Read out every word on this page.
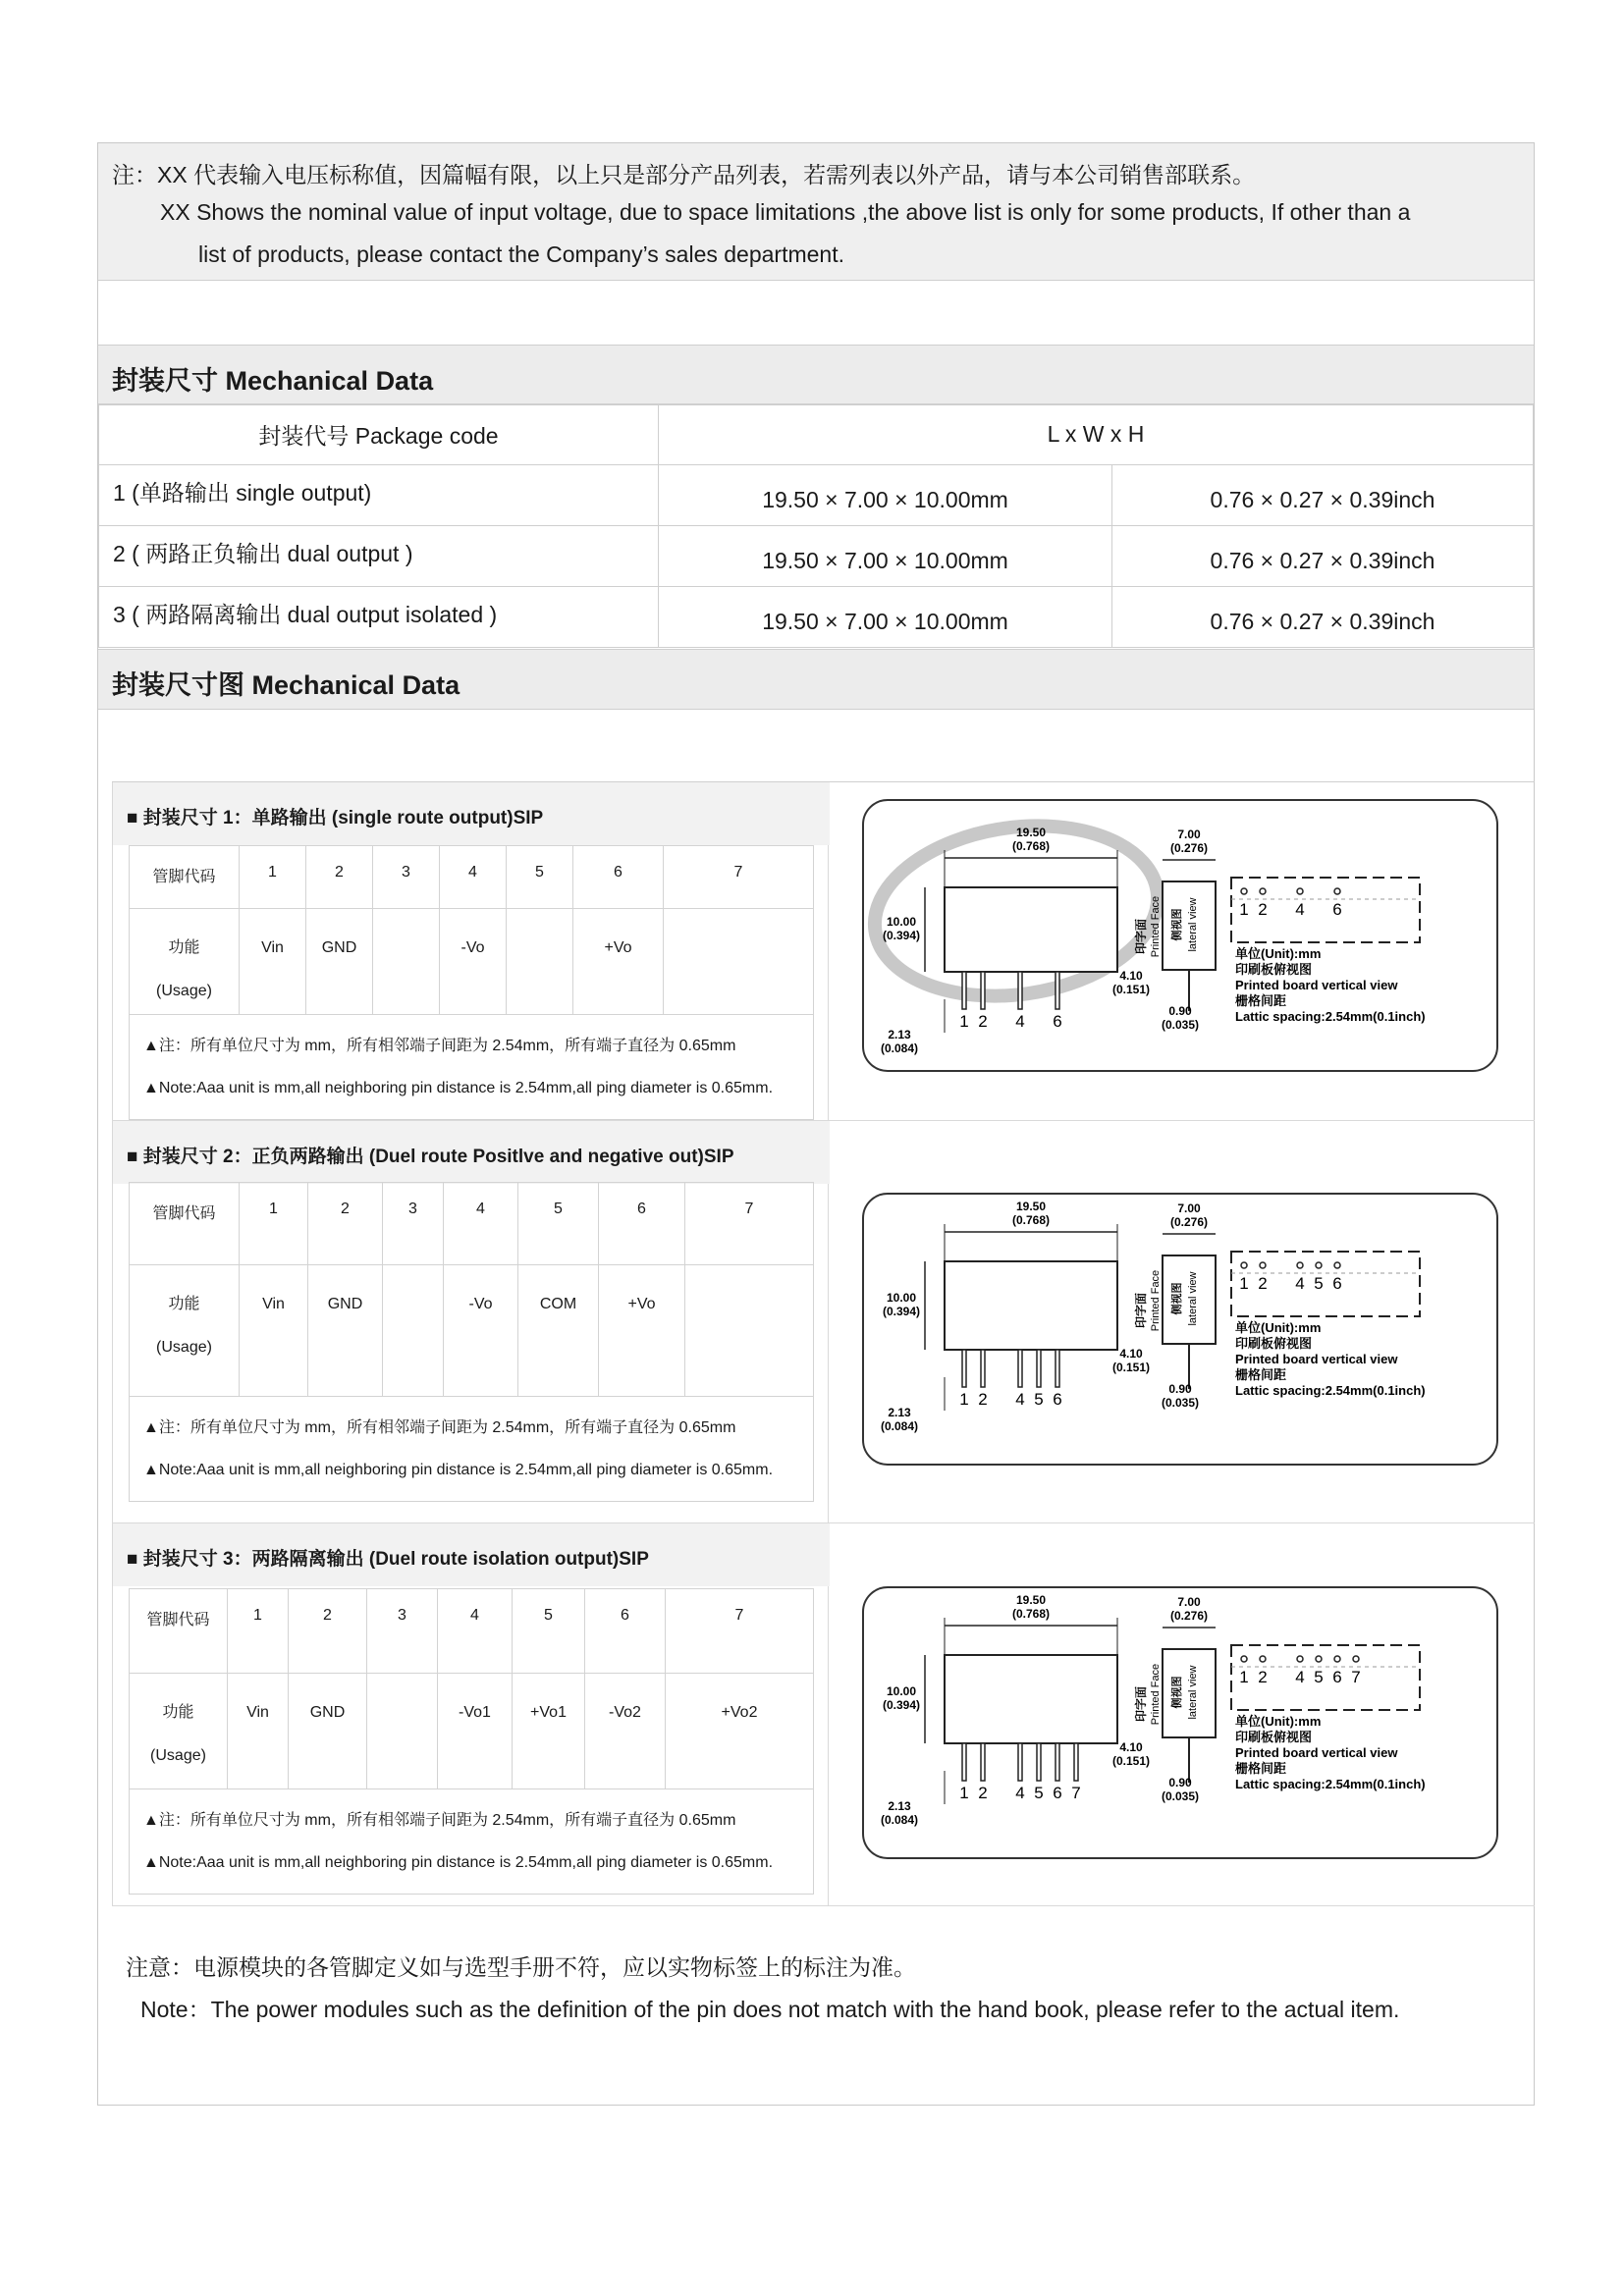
注：XX 代表输入电压标称值，因篇幅有限，以上只是部分产品列表，若需列表以外产品，请与本公司销售部联系。
XX Shows the nominal value of input voltage, due to space limitations ,the above list is only for some products, If other than a
list of products, please contact the Company’s sales department.
封装尺寸 Mechanical Data
封装代号 Package code	L x W x H	
1 (单路输出 single output)	19.50 × 7.00 × 10.00mm	0.76 × 0.27 × 0.39inch
2 ( 两路正负输出 dual output )	19.50 × 7.00 × 10.00mm	0.76 × 0.27 × 0.39inch
3 ( 两路隔离输出 dual output isolated )	19.50 × 7.00 × 10.00mm	0.76 × 0.27 × 0.39inch
封装尺寸图 Mechanical Data
■ 封装尺寸 1：单路输出 (single route output)SIP
管脚代码	1	2	3	4	5	6	7
功能
(Usage)	Vin	GND		-Vo		+Vo	

▲注：所有单位尺寸为 mm，所有相邻端子间距为 2.54mm，所有端子直径为 0.65mm
▲Note:Aaa unit is mm,all neighboring pin distance is 2.54mm,all ping diameter is 0.65mm.							
19.50
(0.768)
10.00
(0.394)
1 2 4 6
2.13
(0.084)
7.00
(0.276)
印字面 Printed Face 侧视图 lateral view
4.10
(0.151)
0.90
(0.035)
1 2 4 6
单位(Unit):mm
印刷板俯视图
Printed board vertical view
栅格间距
Lattic spacing:2.54mm(0.1inch)
■ 封装尺寸 2：正负两路输出 (Duel route Positlve and negative out)SIP
管脚代码	1	2	3	4	5	6	7
功能
(Usage)	Vin	GND		-Vo	COM	+Vo	

▲注：所有单位尺寸为 mm，所有相邻端子间距为 2.54mm，所有端子直径为 0.65mm
▲Note:Aaa unit is mm,all neighboring pin distance is 2.54mm,all ping diameter is 0.65mm.							
19.50
(0.768)
10.00
(0.394)
1 2 4 5 6
2.13
(0.084)
7.00
(0.276)
印字面 Printed Face 侧视图 lateral view
4.10
(0.151)
0.90
(0.035)
1 2 4 5 6
单位(Unit):mm
印刷板俯视图
Printed board vertical view
栅格间距
Lattic spacing:2.54mm(0.1inch)
■ 封装尺寸 3：两路隔离输出 (Duel route isolation output)SIP
管脚代码	1	2	3	4	5	6	7
功能
(Usage)	Vin	GND		-Vo1	+Vo1	-Vo2	+Vo2

▲注：所有单位尺寸为 mm，所有相邻端子间距为 2.54mm，所有端子直径为 0.65mm
▲Note:Aaa unit is mm,all neighboring pin distance is 2.54mm,all ping diameter is 0.65mm.							
19.50
(0.768)
10.00
(0.394)
1 2 4 5 6 7
2.13
(0.084)
7.00
(0.276)
印字面 Printed Face 侧视图 lateral view
4.10
(0.151)
0.90
(0.035)
1 2 4 5 6 7
单位(Unit):mm
印刷板俯视图
Printed board vertical view
栅格间距
Lattic spacing:2.54mm(0.1inch)
注意：电源模块的各管脚定义如与选型手册不符，应以实物标签上的标注为准。
Note：The power modules such as the definition of the pin does not match with the hand book, please refer to the actual item.
